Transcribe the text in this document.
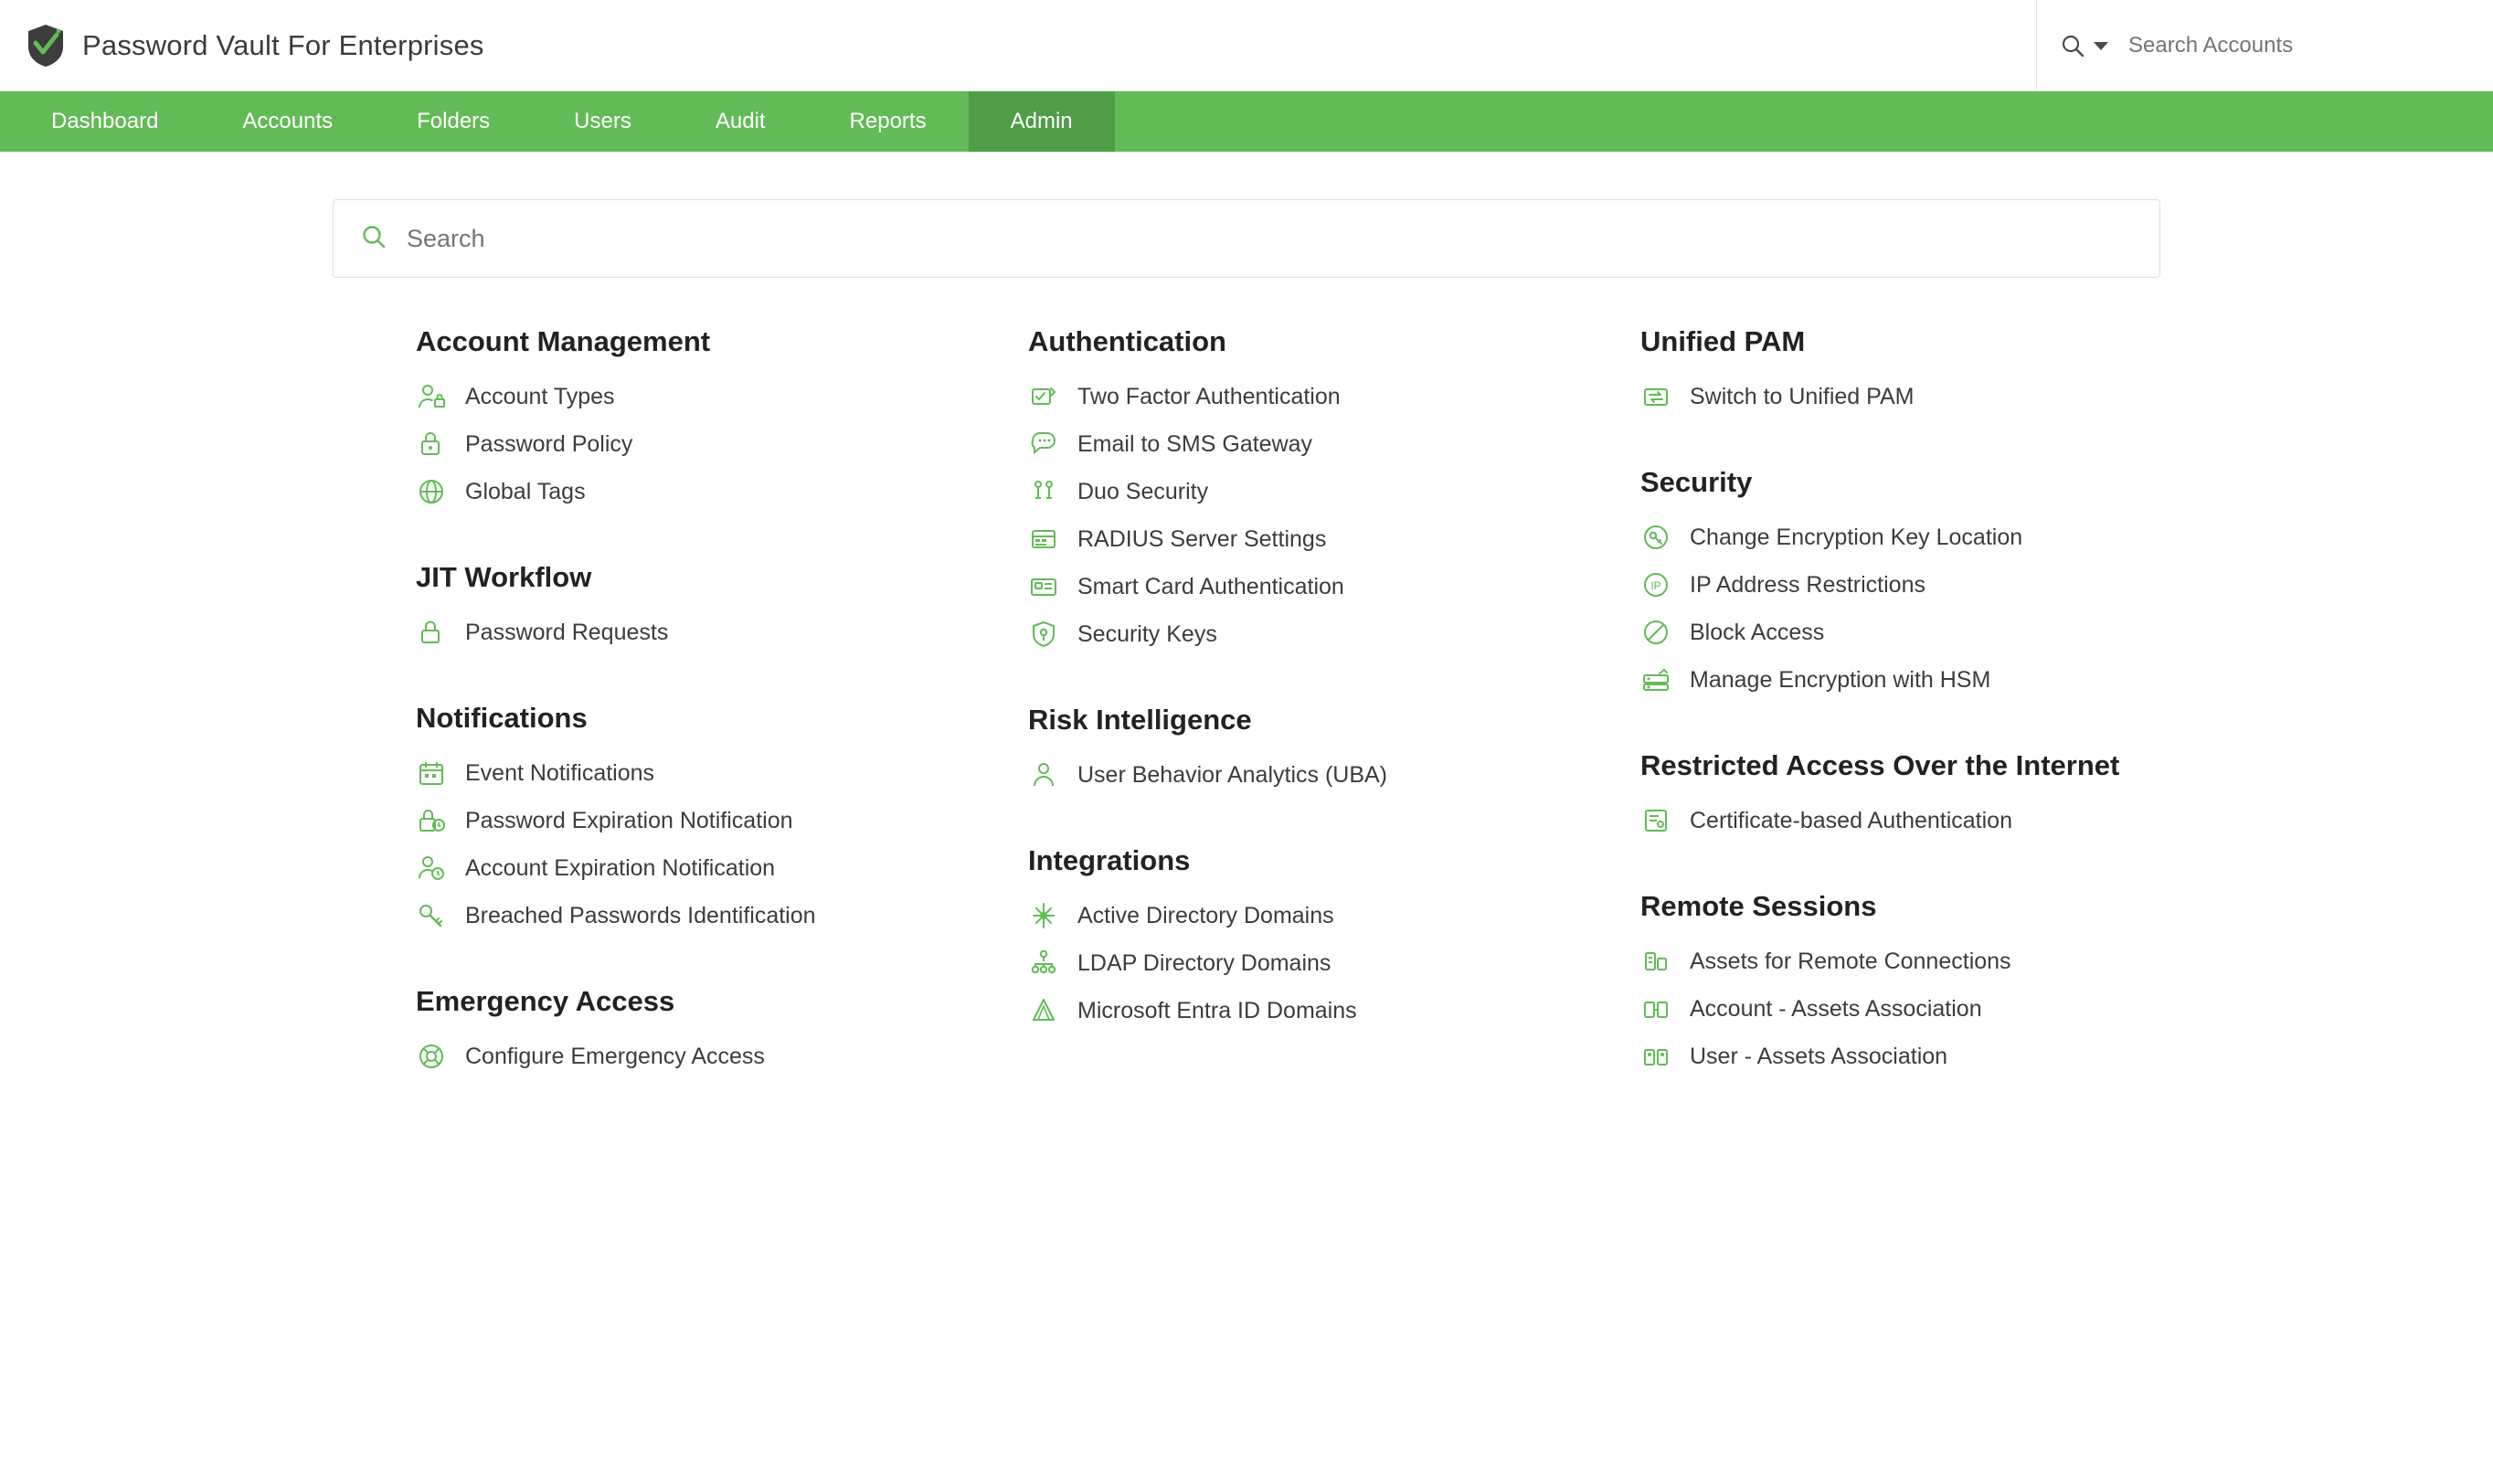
Password Vault For Enterprises
Search Accounts
Dashboard	Accounts	Folders	Users	Audit	Reports	Admin
Search
Account Management
Account Types
Password Policy
Global Tags
JIT Workflow
Password Requests
Notifications
Event Notifications
Password Expiration Notification
Account Expiration Notification
Breached Passwords Identification
Emergency Access
Configure Emergency Access
Authentication
Two Factor Authentication
Email to SMS Gateway
Duo Security
RADIUS Server Settings
Smart Card Authentication
Security Keys
Risk Intelligence
User Behavior Analytics (UBA)
Integrations
Active Directory Domains
LDAP Directory Domains
Microsoft Entra ID Domains
Unified PAM
Switch to Unified PAM
Security
Change Encryption Key Location
IP IP Address Restrictions
Block Access
Manage Encryption with HSM
Restricted Access Over the Internet
Certificate-based Authentication
Remote Sessions
Assets for Remote Connections
Account - Assets Association
User - Assets Association
